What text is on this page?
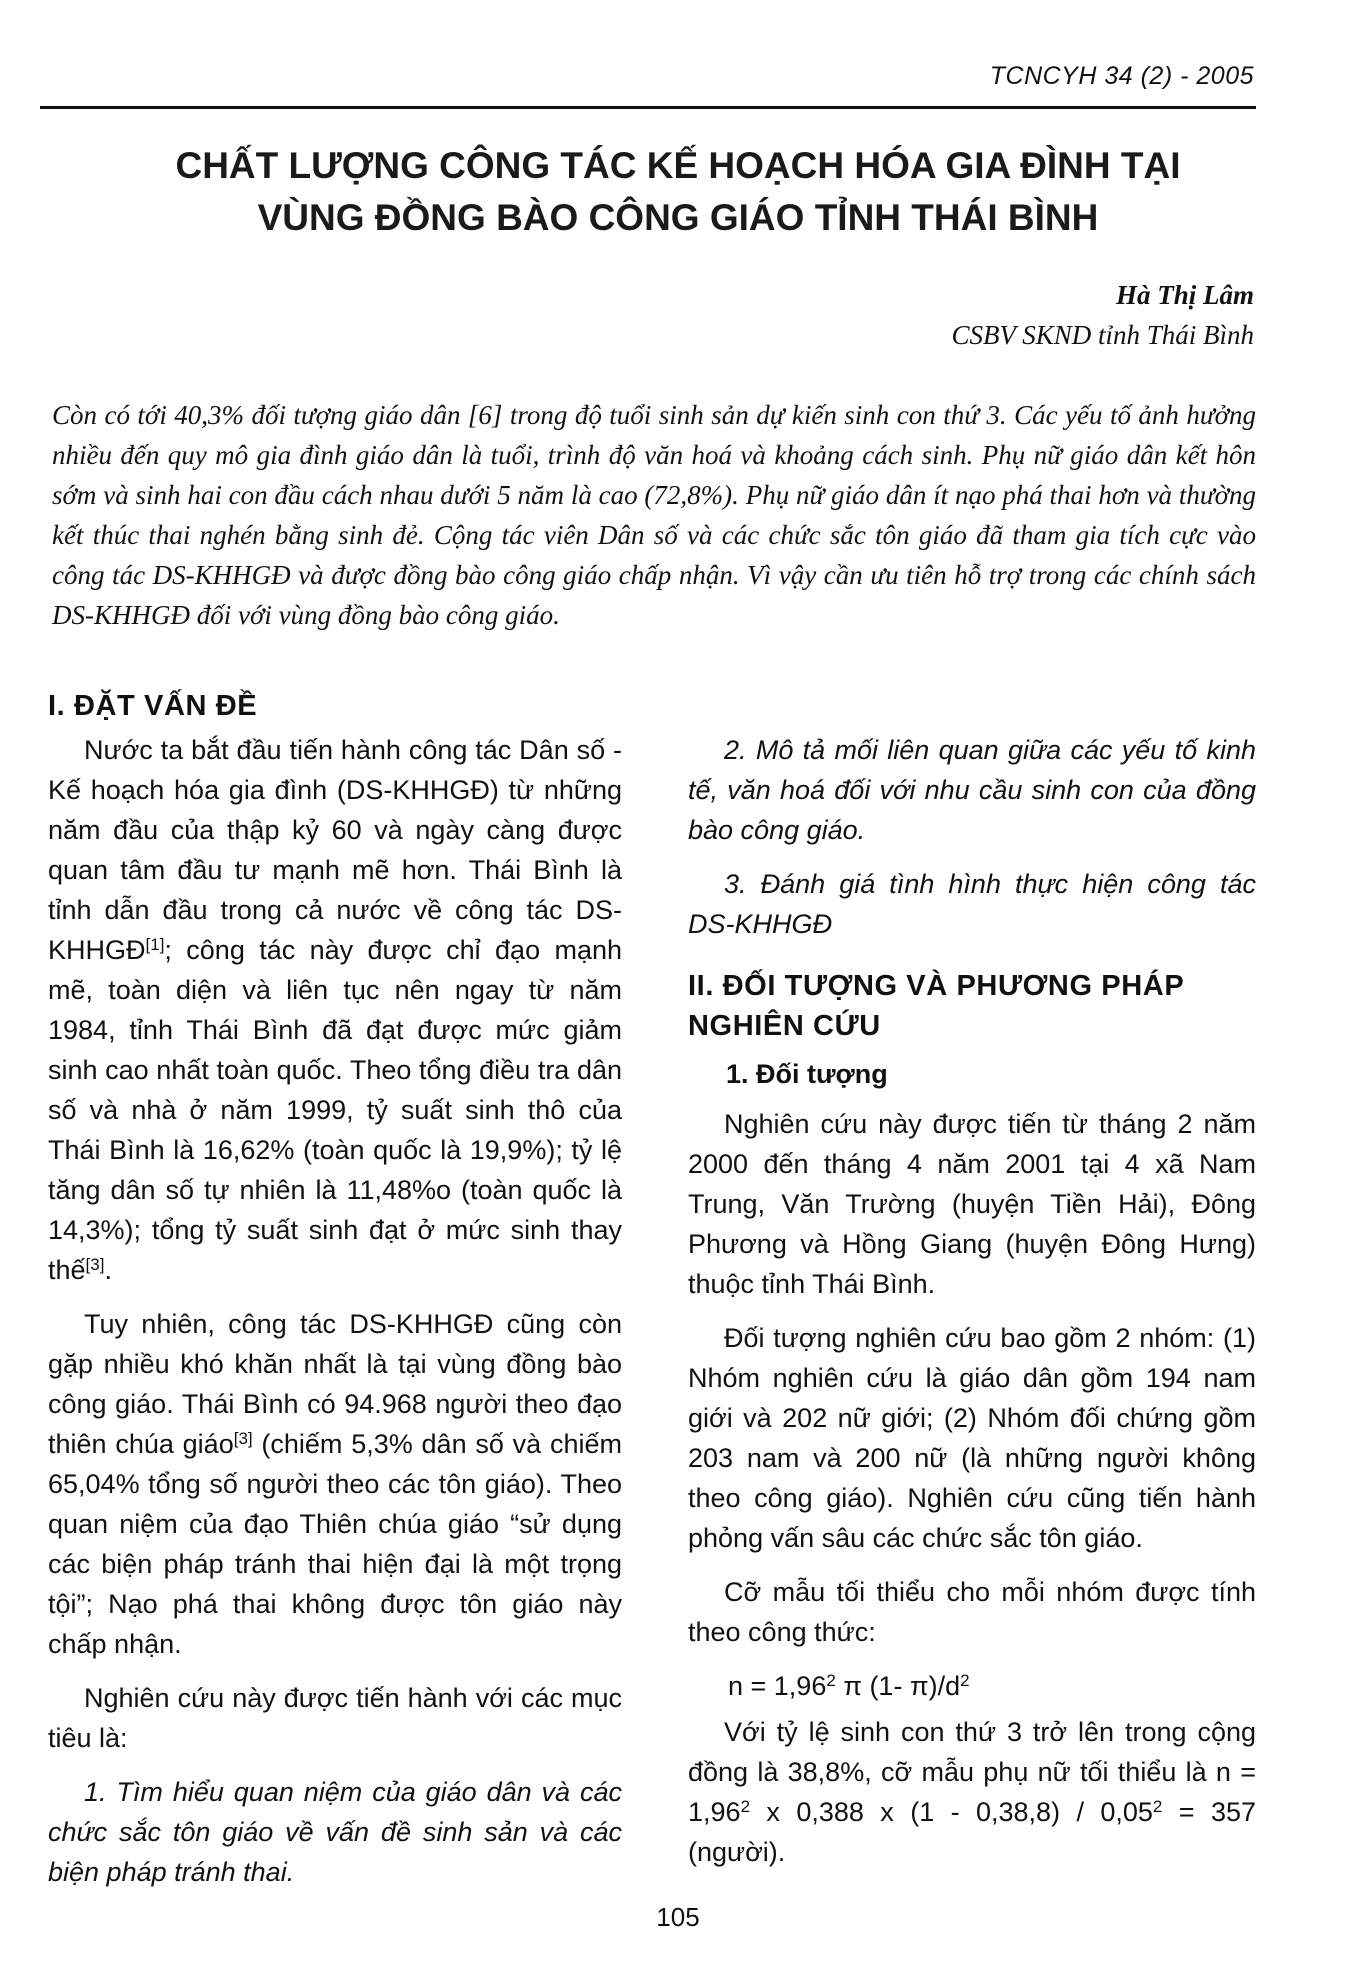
TCNCYH 34 (2) - 2005
CHẤT LƯỢNG CÔNG TÁC KẾ HOẠCH HÓA GIA ĐÌNH TẠI
VÙNG ĐỒNG BÀO CÔNG GIÁO TỈNH THÁI BÌNH
Hà Thị Lâm
CSBV SKND tỉnh Thái Bình
Còn có tới 40,3% đối tượng giáo dân [6] trong độ tuổi sinh sản dự kiến sinh con thứ 3. Các yếu tố ảnh hưởng nhiều đến quy mô gia đình giáo dân là tuổi, trình độ văn hoá và khoảng cách sinh. Phụ nữ giáo dân kết hôn sớm và sinh hai con đầu cách nhau dưới 5 năm là cao (72,8%). Phụ nữ giáo dân ít nạo phá thai hơn và thường kết thúc thai nghén bằng sinh đẻ. Cộng tác viên Dân số và các chức sắc tôn giáo đã tham gia tích cực vào công tác DS-KHHGĐ và được đồng bào công giáo chấp nhận. Vì vậy cần ưu tiên hỗ trợ trong các chính sách DS-KHHGĐ đối với vùng đồng bào công giáo.
I. ĐẶT VẤN ĐỀ

Nước ta bắt đầu tiến hành công tác Dân số - Kế hoạch hóa gia đình (DS-KHHGĐ) từ những năm đầu của thập kỷ 60 và ngày càng được quan tâm đầu tư mạnh mẽ hơn. Thái Bình là tỉnh dẫn đầu trong cả nước về công tác DS-KHHGĐ[1]; công tác này được chỉ đạo mạnh mẽ, toàn diện và liên tục nên ngay từ năm 1984, tỉnh Thái Bình đã đạt được mức giảm sinh cao nhất toàn quốc. Theo tổng điều tra dân số và nhà ở năm 1999, tỷ suất sinh thô của Thái Bình là 16,62% (toàn quốc là 19,9%); tỷ lệ tăng dân số tự nhiên là 11,48%o (toàn quốc là 14,3%); tổng tỷ suất sinh đạt ở mức sinh thay thế[3].

Tuy nhiên, công tác DS-KHHGĐ cũng còn gặp nhiều khó khăn nhất là tại vùng đồng bào công giáo. Thái Bình có 94.968 người theo đạo thiên chúa giáo[3] (chiếm 5,3% dân số và chiếm 65,04% tổng số người theo các tôn giáo). Theo quan niệm của đạo Thiên chúa giáo “sử dụng các biện pháp tránh thai hiện đại là một trọng tội”; Nạo phá thai không được tôn giáo này chấp nhận.

Nghiên cứu này được tiến hành với các mục tiêu là:

1. Tìm hiểu quan niệm của giáo dân và các chức sắc tôn giáo về vấn đề sinh sản và các biện pháp tránh thai.

2. Mô tả mối liên quan giữa các yếu tố kinh tế, văn hoá đối với nhu cầu sinh con của đồng bào công giáo.

3. Đánh giá tình hình thực hiện công tác DS-KHHGĐ

II. ĐỐI TƯỢNG VÀ PHƯƠNG PHÁP NGHIÊN CỨU
1. Đối tượng

Nghiên cứu này được tiến từ tháng 2 năm 2000 đến tháng 4 năm 2001 tại 4 xã Nam Trung, Văn Trường (huyện Tiền Hải), Đông Phương và Hồng Giang (huyện Đông Hưng) thuộc tỉnh Thái Bình.

Đối tượng nghiên cứu bao gồm 2 nhóm: (1) Nhóm nghiên cứu là giáo dân gồm 194 nam giới và 202 nữ giới; (2) Nhóm đối chứng gồm 203 nam và 200 nữ (là những người không theo công giáo). Nghiên cứu cũng tiến hành phỏng vấn sâu các chức sắc tôn giáo.

Cỡ mẫu tối thiểu cho mỗi nhóm được tính theo công thức:

$n = 1,96^2$ π (1- $\pi)/d^2$

Với tỷ lệ sinh con thứ 3 trở lên trong cộng đồng là 38,8%, cỡ mẫu phụ nữ tối thiểu là $n = 1,96^2$ x 0,388 x $(1 - 0,38,8) / 0,05^2 = 357$ (người).

105
